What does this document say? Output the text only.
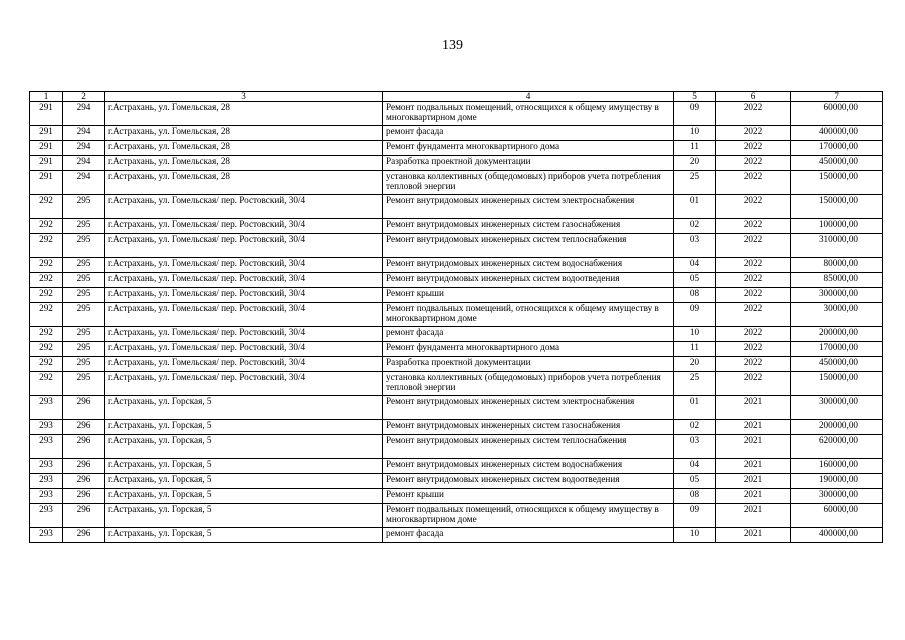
139
1	2	3	4	5	6	7
291	294	г.Астрахань, ул. Гомельская, 28	Ремонт подвальных помещений, относящихся к общему имуществу в многоквартирном доме	09	2022	60000,00
291	294	г.Астрахань, ул. Гомельская, 28	ремонт фасада	10	2022	400000,00
291	294	г.Астрахань, ул. Гомельская, 28	Ремонт фундамента многоквартирного дома	11	2022	170000,00
291	294	г.Астрахань, ул. Гомельская, 28	Разработка проектной документации	20	2022	450000,00
291	294	г.Астрахань, ул. Гомельская, 28	установка коллективных (общедомовых) приборов учета потребления тепловой энергии	25	2022	150000,00
292	295	г.Астрахань, ул. Гомельская/ пер. Ростовский, 30/4	Ремонт внутридомовых инженерных систем электроснабжения	01	2022	150000,00
292	295	г.Астрахань, ул. Гомельская/ пер. Ростовский, 30/4	Ремонт внутридомовых инженерных систем газоснабжения	02	2022	100000,00
292	295	г.Астрахань, ул. Гомельская/ пер. Ростовский, 30/4	Ремонт внутридомовых инженерных систем теплоснабжения	03	2022	310000,00
292	295	г.Астрахань, ул. Гомельская/ пер. Ростовский, 30/4	Ремонт внутридомовых инженерных систем водоснабжения	04	2022	80000,00
292	295	г.Астрахань, ул. Гомельская/ пер. Ростовский, 30/4	Ремонт внутридомовых инженерных систем водоотведения	05	2022	85000,00
292	295	г.Астрахань, ул. Гомельская/ пер. Ростовский, 30/4	Ремонт крыши	08	2022	300000,00
292	295	г.Астрахань, ул. Гомельская/ пер. Ростовский, 30/4	Ремонт подвальных помещений, относящихся к общему имуществу в многоквартирном доме	09	2022	30000,00
292	295	г.Астрахань, ул. Гомельская/ пер. Ростовский, 30/4	ремонт фасада	10	2022	200000,00
292	295	г.Астрахань, ул. Гомельская/ пер. Ростовский, 30/4	Ремонт фундамента многоквартирного дома	11	2022	170000,00
292	295	г.Астрахань, ул. Гомельская/ пер. Ростовский, 30/4	Разработка проектной документации	20	2022	450000,00
292	295	г.Астрахань, ул. Гомельская/ пер. Ростовский, 30/4	установка коллективных (общедомовых) приборов учета потребления тепловой энергии	25	2022	150000,00
293	296	г.Астрахань, ул. Горская, 5	Ремонт внутридомовых инженерных систем электроснабжения	01	2021	300000,00
293	296	г.Астрахань, ул. Горская, 5	Ремонт внутридомовых инженерных систем газоснабжения	02	2021	200000,00
293	296	г.Астрахань, ул. Горская, 5	Ремонт внутридомовых инженерных систем теплоснабжения	03	2021	620000,00
293	296	г.Астрахань, ул. Горская, 5	Ремонт внутридомовых инженерных систем водоснабжения	04	2021	160000,00
293	296	г.Астрахань, ул. Горская, 5	Ремонт внутридомовых инженерных систем водоотведения	05	2021	190000,00
293	296	г.Астрахань, ул. Горская, 5	Ремонт крыши	08	2021	300000,00
293	296	г.Астрахань, ул. Горская, 5	Ремонт подвальных помещений, относящихся к общему имуществу в многоквартирном доме	09	2021	60000,00
293	296	г.Астрахань, ул. Горская, 5	ремонт фасада	10	2021	400000,00
